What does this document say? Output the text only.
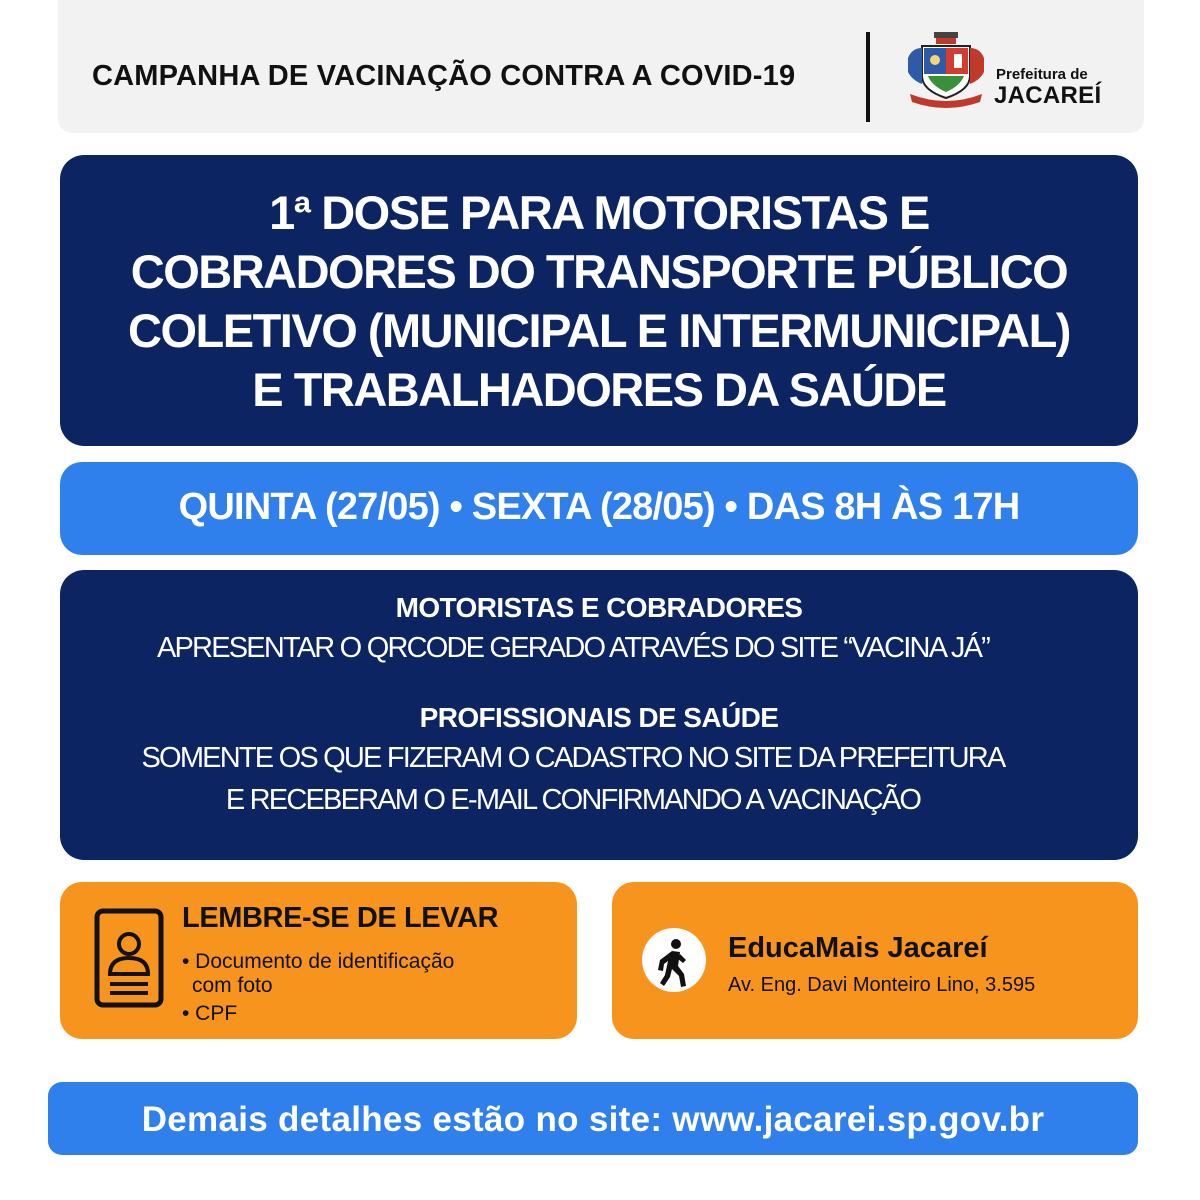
CAMPANHA DE VACINAÇÃO CONTRA A COVID-19	Prefeitura de
JACAREÍ
1ª DOSE PARA MOTORISTAS E
COBRADORES DO TRANSPORTE PÚBLICO
COLETIVO (MUNICIPAL E INTERMUNICIPAL)
E TRABALHADORES DA SAÚDE
QUINTA (27/05) • SEXTA (28/05) • DAS 8H ÀS 17H
MOTORISTAS E COBRADORES
APRESENTAR O QRCODE GERADO ATRAVÉS DO SITE “VACINA JÁ”
PROFISSIONAIS DE SAÚDE
SOMENTE OS QUE FIZERAM O CADASTRO NO SITE DA PREFEITURA
E RECEBERAM O E-MAIL CONFIRMANDO A VACINAÇÃO
LEMBRE-SE DE LEVAR
• Documento de identificação
com foto
• CPF
EducaMais Jacareí
Av. Eng. Davi Monteiro Lino, 3.595
Demais detalhes estão no site: www.jacarei.sp.gov.br
